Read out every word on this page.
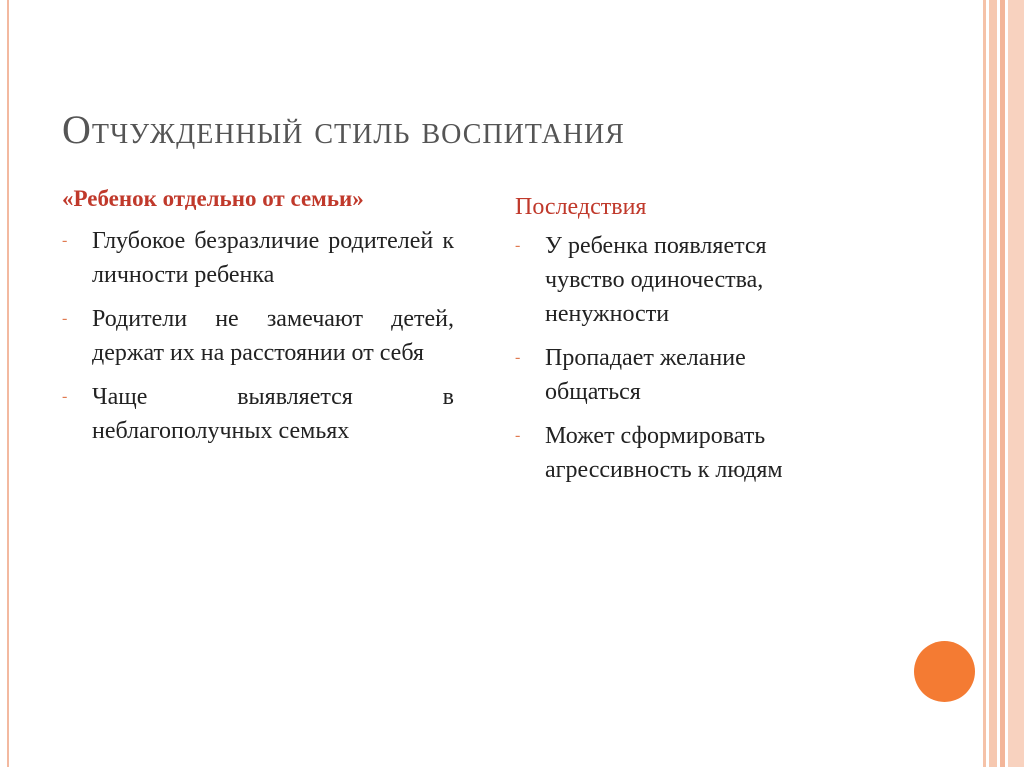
Отчужденный стиль воспитания
«Ребенок отдельно от семьи»
- Глубокое безразличие родителей к личности ребенка
- Родители не замечают детей, держат их на расстоянии от себя
- Чаще выявляется в неблагополучных семьях
Последствия
- У ребенка появляется чувство одиночества, ненужности
- Пропадает желание общаться
- Может сформировать агрессивность к людям
